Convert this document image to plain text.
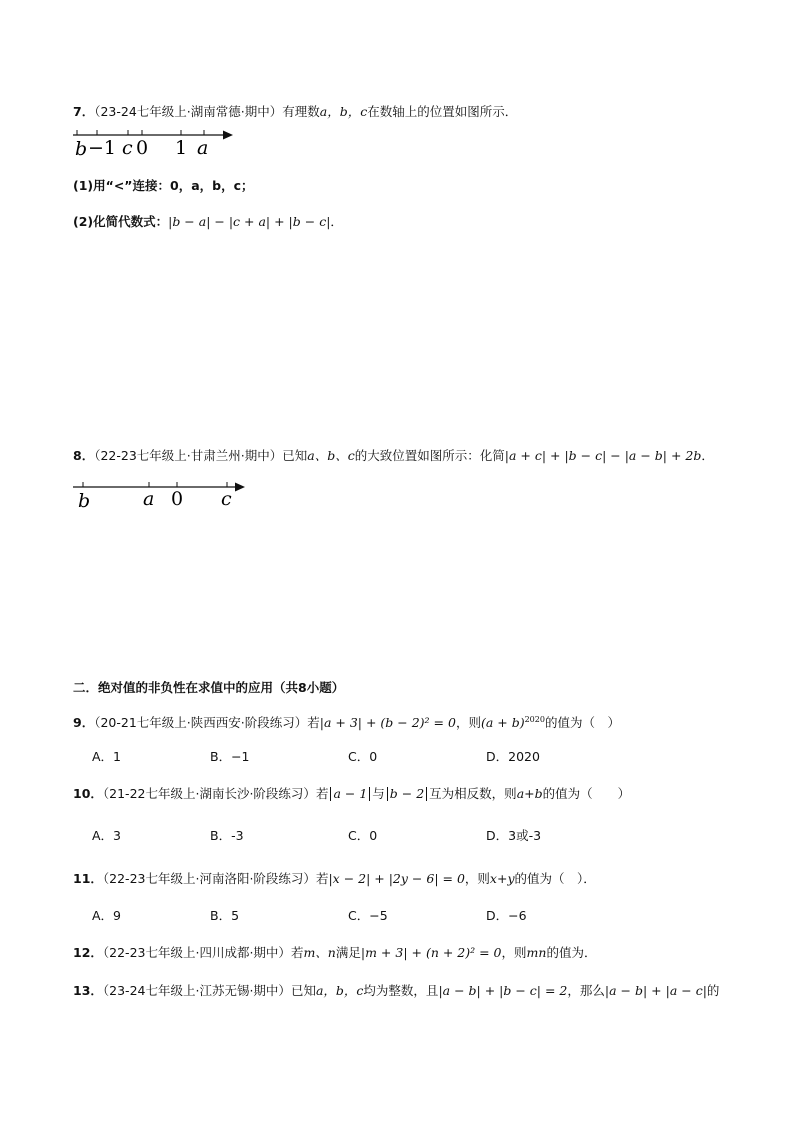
7．（23-24七年级上·湖南常德·期中）有理数a，b，c在数轴上的位置如图所示．
b −1 c 0 1 a
(1)用“<”连接：0，a，b，c；
(2)化简代数式：|b − a| − |c + a| + |b − c|．
8．（22-23七年级上·甘肃兰州·期中）已知a、b、c的大致位置如图所示：化简|a + c| + |b − c| − |a − b| + 2b．
b	a 0 c
二．绝对值的非负性在求值中的应用（共8小题）
9．（20-21七年级上·陕西西安·阶段练习）若|a + 3| + (b − 2)² = 0，则$(a + b)^{2020}$的值为（　）
A．1	B．−1	C．0	D．2020
10．（21-22七年级上·湖南长沙·阶段练习）若 a − 1 与 b − 2 互为相反数，则a+b的值为（　　）
A．3	B．-3	C．0	D．3或-3
11．（22-23七年级上·河南洛阳·阶段练习）若|x − 2| + |2y − 6| = 0，则x+y的值为（　）．
A．9	B．5	C．−5	D．−6
12．（22-23七年级上·四川成都·期中）若m、n满足|m + 3| + (n + 2)² = 0，则mn的值为．
13．（23-24七年级上·江苏无锡·期中）已知a，b，c均为整数，且|a − b| + |b − c| = 2，那么|a − b| + |a − c|的
